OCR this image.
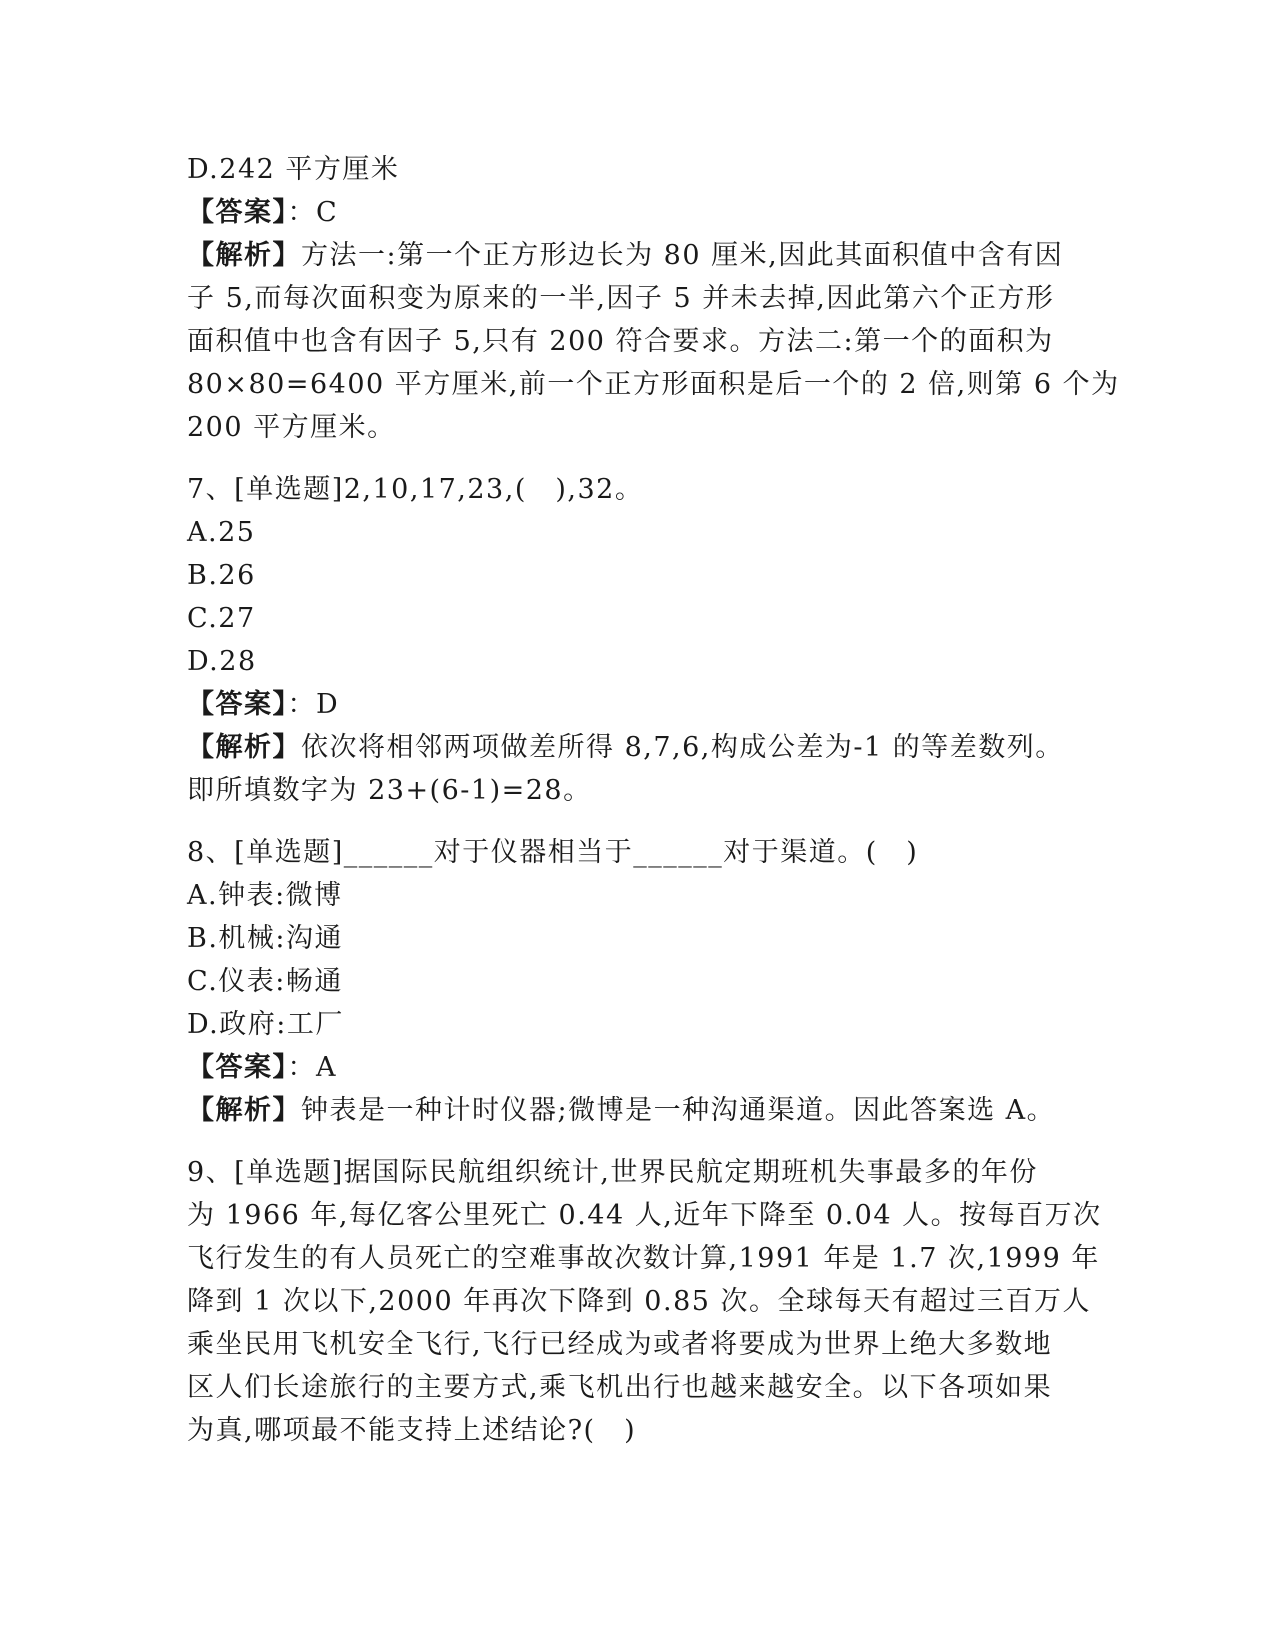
D.242 平方厘米
【答案】：C
【解析】方法一:第一个正方形边长为 80 厘米,因此其面积值中含有因
子 5,而每次面积变为原来的一半,因子 5 并未去掉,因此第六个正方形
面积值中也含有因子 5,只有 200 符合要求。方法二:第一个的面积为
80×80=6400 平方厘米,前一个正方形面积是后一个的 2 倍,则第 6 个为
200 平方厘米。
7、[单选题]2,10,17,23,(　),32。
A.25
B.26
C.27
D.28
【答案】：D
【解析】依次将相邻两项做差所得 8,7,6,构成公差为-1 的等差数列。
即所填数字为 23+(6-1)=28。
8、[单选题]______对于仪器相当于______对于渠道。(　)
A.钟表:微博
B.机械:沟通
C.仪表:畅通
D.政府:工厂
【答案】：A
【解析】钟表是一种计时仪器;微博是一种沟通渠道。因此答案选 A。
9、[单选题]据国际民航组织统计,世界民航定期班机失事最多的年份
为 1966 年,每亿客公里死亡 0.44 人,近年下降至 0.04 人。按每百万次
飞行发生的有人员死亡的空难事故次数计算,1991 年是 1.7 次,1999 年
降到 1 次以下,2000 年再次下降到 0.85 次。全球每天有超过三百万人
乘坐民用飞机安全飞行,飞行已经成为或者将要成为世界上绝大多数地
区人们长途旅行的主要方式,乘飞机出行也越来越安全。以下各项如果
为真,哪项最不能支持上述结论?(　)
